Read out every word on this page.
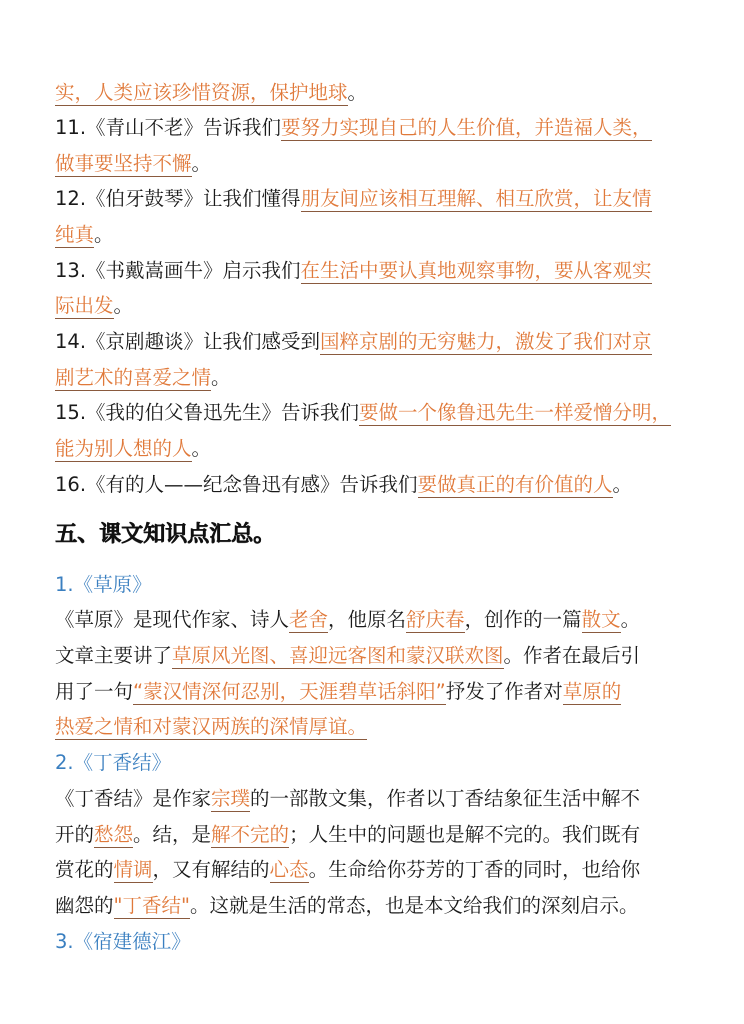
实，人类应该珍惜资源，保护地球。
11.《青山不老》告诉我们要努力实现自己的人生价值，并造福人类，
做事要坚持不懈。
12.《伯牙鼓琴》让我们懂得朋友间应该相互理解、相互欣赏，让友情
纯真。
13.《书戴嵩画牛》启示我们在生活中要认真地观察事物，要从客观实
际出发。
14.《京剧趣谈》让我们感受到国粹京剧的无穷魅力，激发了我们对京
剧艺术的喜爱之情。
15.《我的伯父鲁迅先生》告诉我们要做一个像鲁迅先生一样爱憎分明，
能为别人想的人。
16.《有的人——纪念鲁迅有感》告诉我们要做真正的有价值的人。
五、课文知识点汇总。
1.《草原》
《草原》是现代作家、诗人老舍，他原名舒庆春，创作的一篇散文。
文章主要讲了草原风光图、喜迎远客图和蒙汉联欢图。作者在最后引
用了一句“蒙汉情深何忍别，天涯碧草话斜阳”抒发了作者对草原的
热爱之情和对蒙汉两族的深情厚谊。
2.《丁香结》
《丁香结》是作家宗璞的一部散文集，作者以丁香结象征生活中解不
开的愁怨。结，是解不完的；人生中的问题也是解不完的。我们既有
赏花的情调，又有解结的心态。生命给你芬芳的丁香的同时，也给你
幽怨的"丁香结"。这就是生活的常态，也是本文给我们的深刻启示。
3.《宿建德江》
